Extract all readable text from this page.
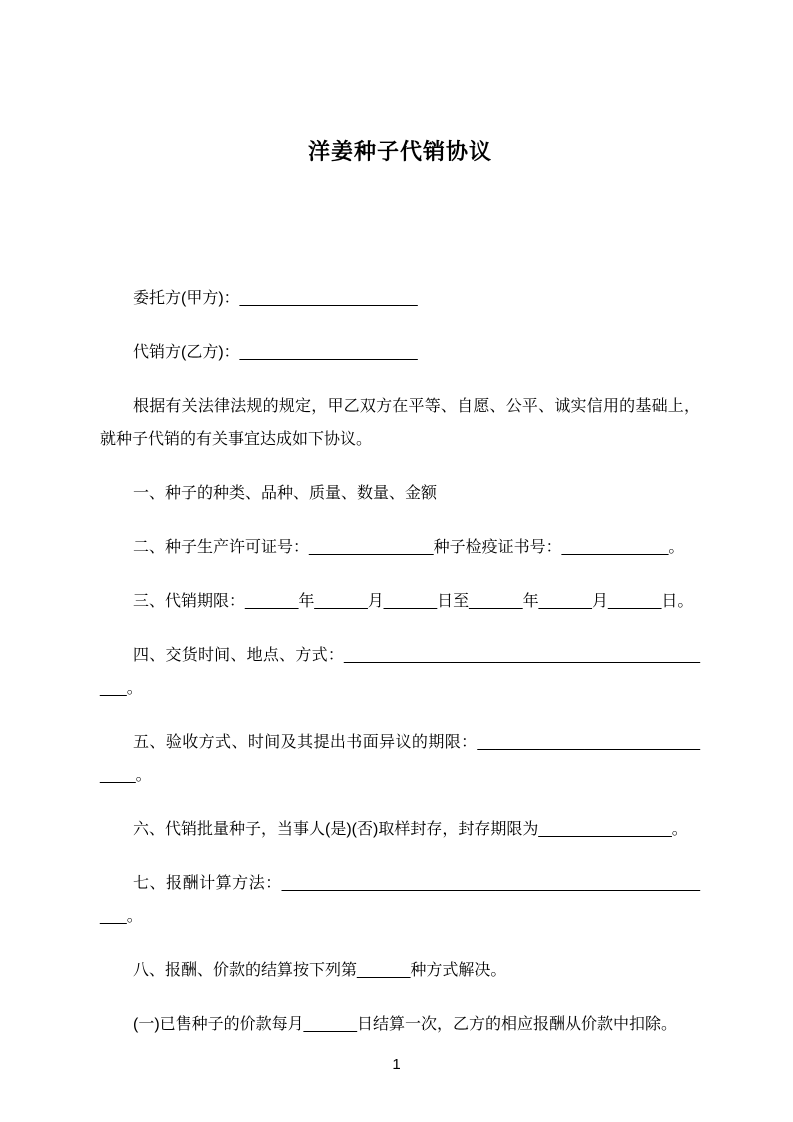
洋姜种子代销协议

委托方(甲方)：____________________

代销方(乙方)：____________________

根据有关法律法规的规定，甲乙双方在平等、自愿、公平、诚实信用的基础上，就种子代销的有关事宜达成如下协议。

一、种子的种类、品种、质量、数量、金额

二、种子生产许可证号：______________种子检疫证书号：____________。

三、代销期限：______年______月______日至______年______月______日。

四、交货时间、地点、方式：___________________________________________。

五、验收方式、时间及其提出书面异议的期限：_____________________________。

六、代销批量种子，当事人(是)(否)取样封存，封存期限为_______________。

七、报酬计算方法：__________________________________________________。

八、报酬、价款的结算按下列第______种方式解决。

(一)已售种子的价款每月______日结算一次，乙方的相应报酬从价款中扣除。

1
